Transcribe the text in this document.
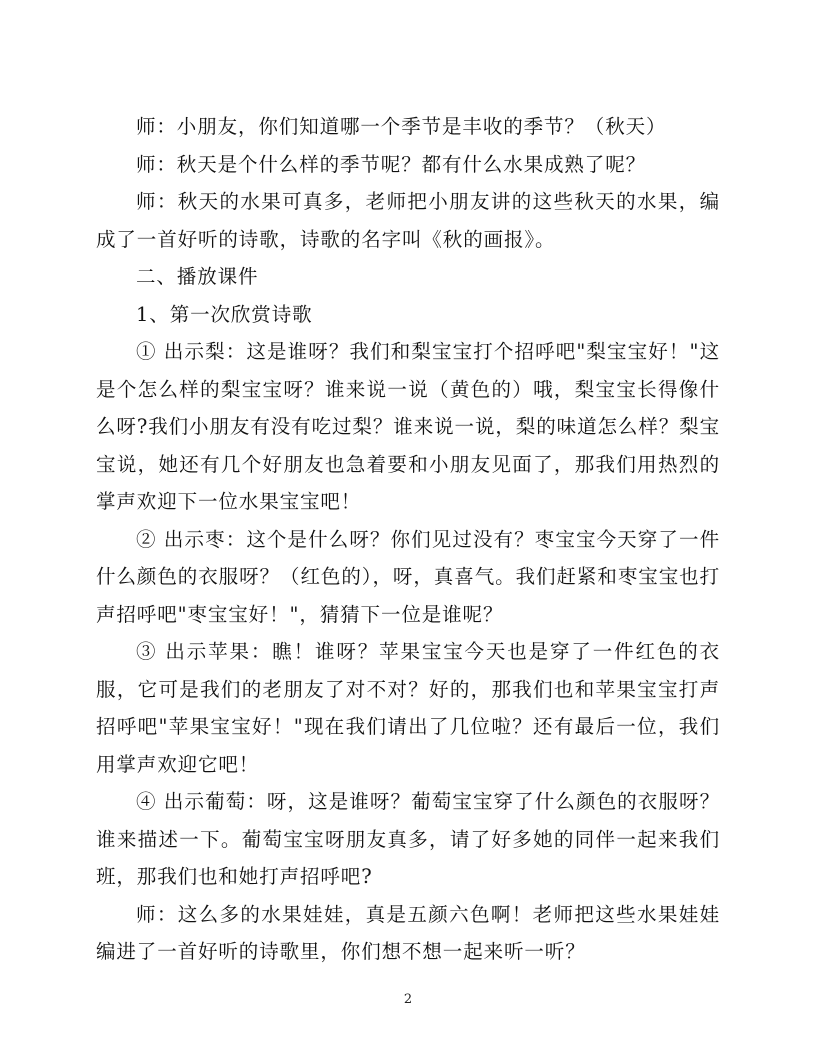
师：小朋友，你们知道哪一个季节是丰收的季节？（秋天）

师：秋天是个什么样的季节呢？都有什么水果成熟了呢？

师：秋天的水果可真多，老师把小朋友讲的这些秋天的水果，编成了一首好听的诗歌，诗歌的名字叫《秋的画报》。

二、播放课件

1、第一次欣赏诗歌

① 出示梨：这是谁呀？我们和梨宝宝打个招呼吧"梨宝宝好！"这是个怎么样的梨宝宝呀？谁来说一说（黄色的）哦，梨宝宝长得像什么呀?我们小朋友有没有吃过梨？谁来说一说，梨的味道怎么样？梨宝宝说，她还有几个好朋友也急着要和小朋友见面了，那我们用热烈的掌声欢迎下一位水果宝宝吧！

② 出示枣：这个是什么呀？你们见过没有？枣宝宝今天穿了一件什么颜色的衣服呀？（红色的），呀，真喜气。我们赶紧和枣宝宝也打声招呼吧"枣宝宝好！"，猜猜下一位是谁呢？

③ 出示苹果：瞧！谁呀？苹果宝宝今天也是穿了一件红色的衣服，它可是我们的老朋友了对不对？好的，那我们也和苹果宝宝打声招呼吧"苹果宝宝好！"现在我们请出了几位啦？还有最后一位，我们用掌声欢迎它吧！

④ 出示葡萄：呀，这是谁呀？葡萄宝宝穿了什么颜色的衣服呀？谁来描述一下。葡萄宝宝呀朋友真多，请了好多她的同伴一起来我们班，那我们也和她打声招呼吧?

师：这么多的水果娃娃，真是五颜六色啊！老师把这些水果娃娃编进了一首好听的诗歌里，你们想不想一起来听一听？

2
